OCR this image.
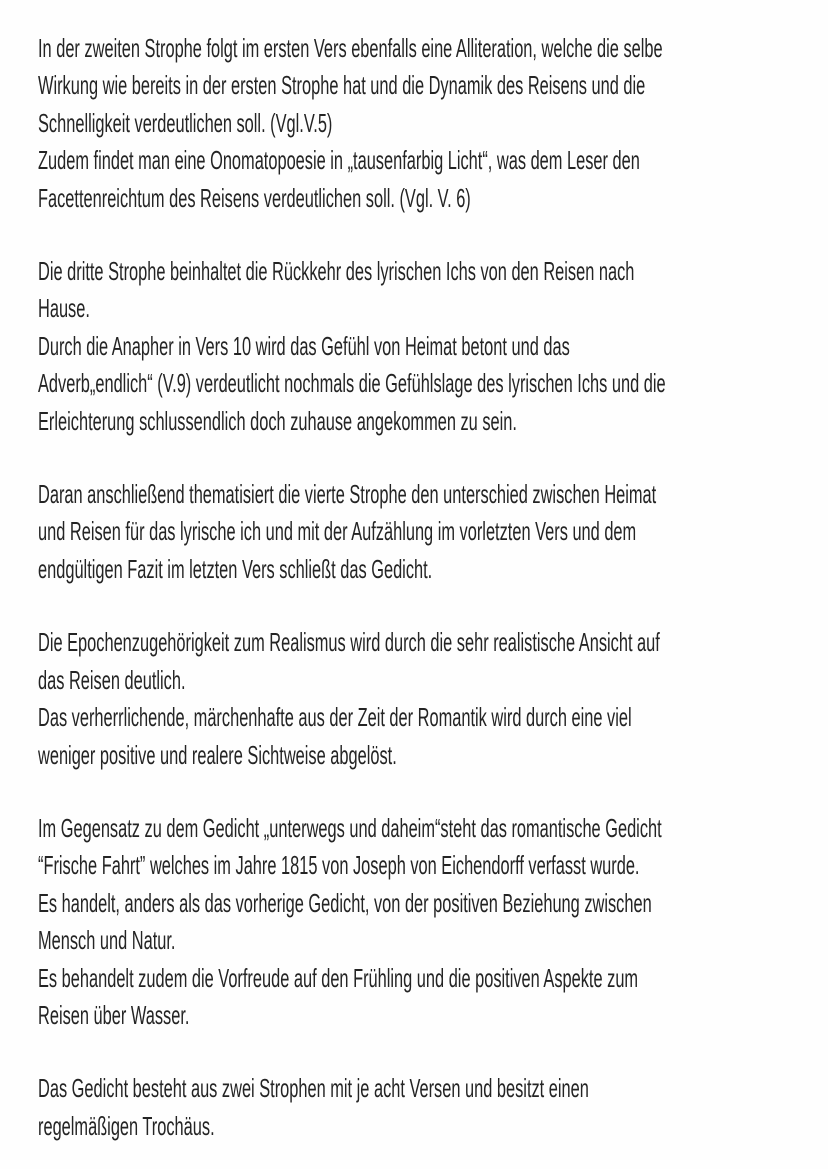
In der zweiten Strophe folgt im ersten Vers ebenfalls eine Alliteration, welche die selbe
Wirkung wie bereits in der ersten Strophe hat und die Dynamik des Reisens und die
Schnelligkeit verdeutlichen soll. (Vgl.V.5)
Zudem findet man eine Onomatopoesie in „tausenfarbig Licht“, was dem Leser den
Facettenreichtum des Reisens verdeutlichen soll. (Vgl. V. 6)
Die dritte Strophe beinhaltet die Rückkehr des lyrischen Ichs von den Reisen nach
Hause.
Durch die Anapher in Vers 10 wird das Gefühl von Heimat betont und das
Adverb„endlich“ (V.9) verdeutlicht nochmals die Gefühlslage des lyrischen Ichs und die
Erleichterung schlussendlich doch zuhause angekommen zu sein.
Daran anschließend thematisiert die vierte Strophe den unterschied zwischen Heimat
und Reisen für das lyrische ich und mit der Aufzählung im vorletzten Vers und dem
endgültigen Fazit im letzten Vers schließt das Gedicht.
Die Epochenzugehörigkeit zum Realismus wird durch die sehr realistische Ansicht auf
das Reisen deutlich.
Das verherrlichende, märchenhafte aus der Zeit der Romantik wird durch eine viel
weniger positive und realere Sichtweise abgelöst.
Im Gegensatz zu dem Gedicht „unterwegs und daheim“steht das romantische Gedicht
“Frische Fahrt” welches im Jahre 1815 von Joseph von Eichendorff verfasst wurde.
Es handelt, anders als das vorherige Gedicht, von der positiven Beziehung zwischen
Mensch und Natur.
Es behandelt zudem die Vorfreude auf den Frühling und die positiven Aspekte zum
Reisen über Wasser.
Das Gedicht besteht aus zwei Strophen mit je acht Versen und besitzt einen
regelmäßigen Trochäus.
